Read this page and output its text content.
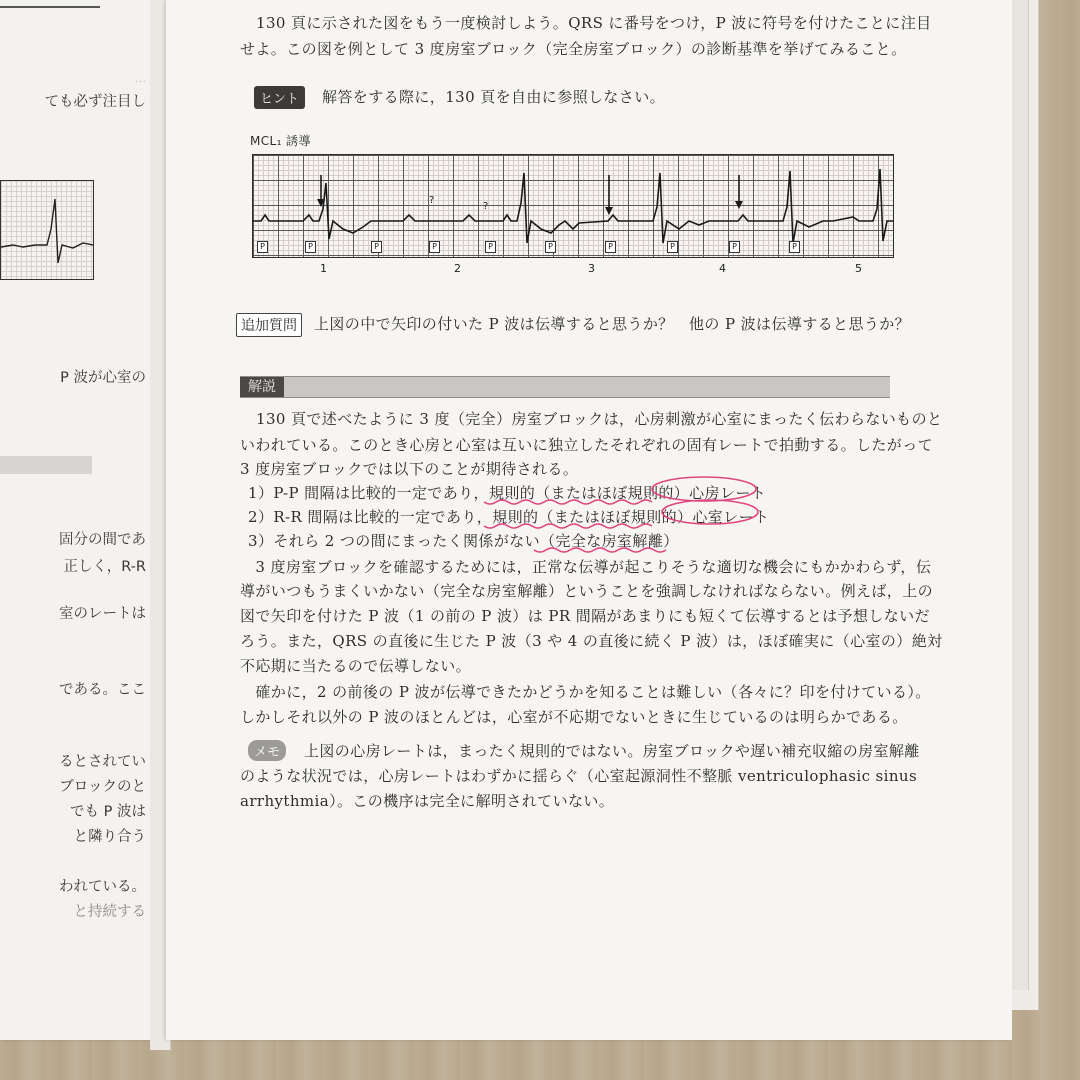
…
ても必ず注目し
P 波が心室の
固分の間であ
正しく，R-R
室のレートは
である。ここ
るとされてい
ブロックのと
でも P 波は
と隣り合う
われている。
と持続する
130 頁に示された図をもう一度検討しよう。QRS に番号をつけ，P 波に符号を付けたことに注目
せよ。この図を例として 3 度房室ブロック（完全房室ブロック）の診断基準を挙げてみること。
ヒント	解答をする際に，130 頁を自由に参照しなさい。
MCL₁ 誘導
?
?
P	P	P	P	P	P	P	P	P	P
1	2	3	4	5
追加質問	上図の中で矢印の付いた P 波は伝導すると思うか？　他の P 波は伝導すると思うか？
解説
130 頁で述べたように 3 度（完全）房室ブロックは，心房刺激が心室にまったく伝わらないものと
いわれている。このとき心房と心室は互いに独立したそれぞれの固有レートで拍動する。したがって
3 度房室ブロックでは以下のことが期待される。
1）P-P 間隔は比較的一定であり，規則的（またはほぼ規則的）心房レート
2）R-R 間隔は比較的一定であり，規則的（またはほぼ規則的）心室レート
3）それら 2 つの間にまったく関係がない（完全な房室解離）
　3 度房室ブロックを確認するためには，正常な伝導が起こりそうな適切な機会にもかかわらず，伝
導がいつもうまくいかない（完全な房室解離）ということを強調しなければならない。例えば，上の
図で矢印を付けた P 波（1 の前の P 波）は PR 間隔があまりにも短くて伝導するとは予想しないだ
ろう。また，QRS の直後に生じた P 波（3 や 4 の直後に続く P 波）は，ほぼ確実に（心室の）絶対
不応期に当たるので伝導しない。
　確かに，2 の前後の P 波が伝導できたかどうかを知ることは難しい（各々に？印を付けている）。
しかしそれ以外の P 波のほとんどは，心室が不応期でないときに生じているのは明らかである。
メモ	上図の心房レートは，まったく規則的ではない。房室ブロックや遅い補充収縮の房室解離
のような状況では，心房レートはわずかに揺らぐ（心室起源洞性不整脈 ventriculophasic sinus
arrhythmia）。この機序は完全に解明されていない。
